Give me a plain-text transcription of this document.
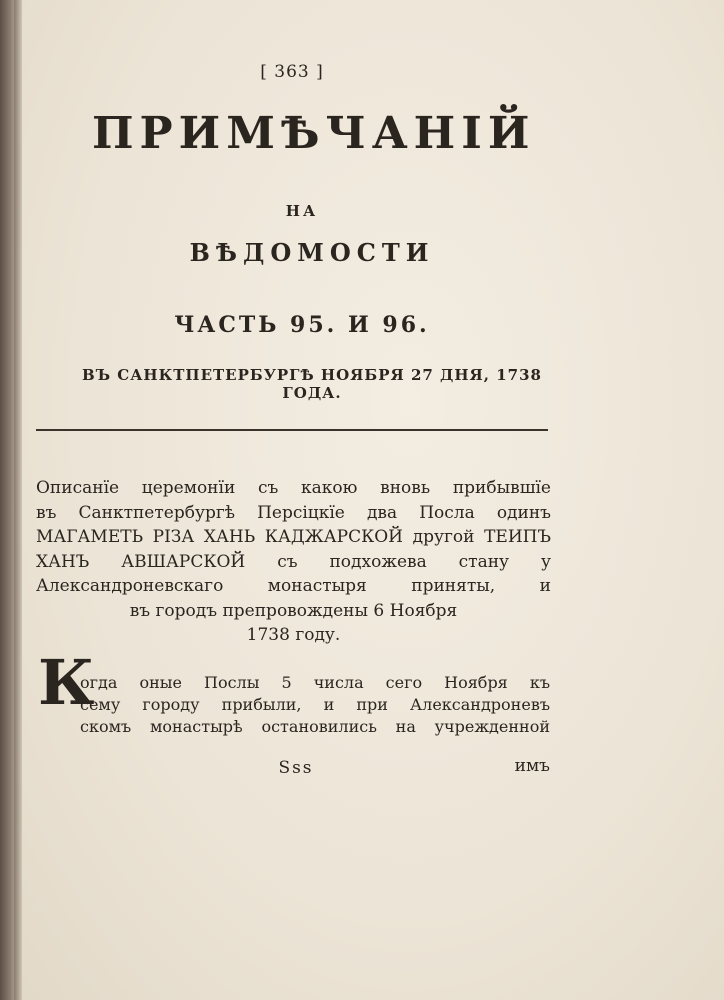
[ 363 ]
ПРИМѢЧАНІЙ
НА
ВѢДОМОСТИ
ЧАСТЬ 95. И 96.
ВЪ САНКТПЕТЕРБУРГѢ НОЯБРЯ 27 ДНЯ, 1738 ГОДА.
Описанїе церемонїи съ какою вновь прибывшїе
въ Санктпетербургѣ Персiцкїе два Посла одинъ
МАГАМЕТЬ РІЗА ХАНЬ КАДЖАРСКОЙ другой ТЕИПЪ
ХАНЪ АВШАРСКОЙ съ подхожева стану у
Александроневскаго монастыря приняты, и
въ городъ препровождены 6 Ноября
1738 году.
К
огда оные Послы 5 числа сего Ноября къ
сему городу прибыли, и при Александроневъ
скомъ монастырѣ остановились на учрежденной
Sss	имъ
